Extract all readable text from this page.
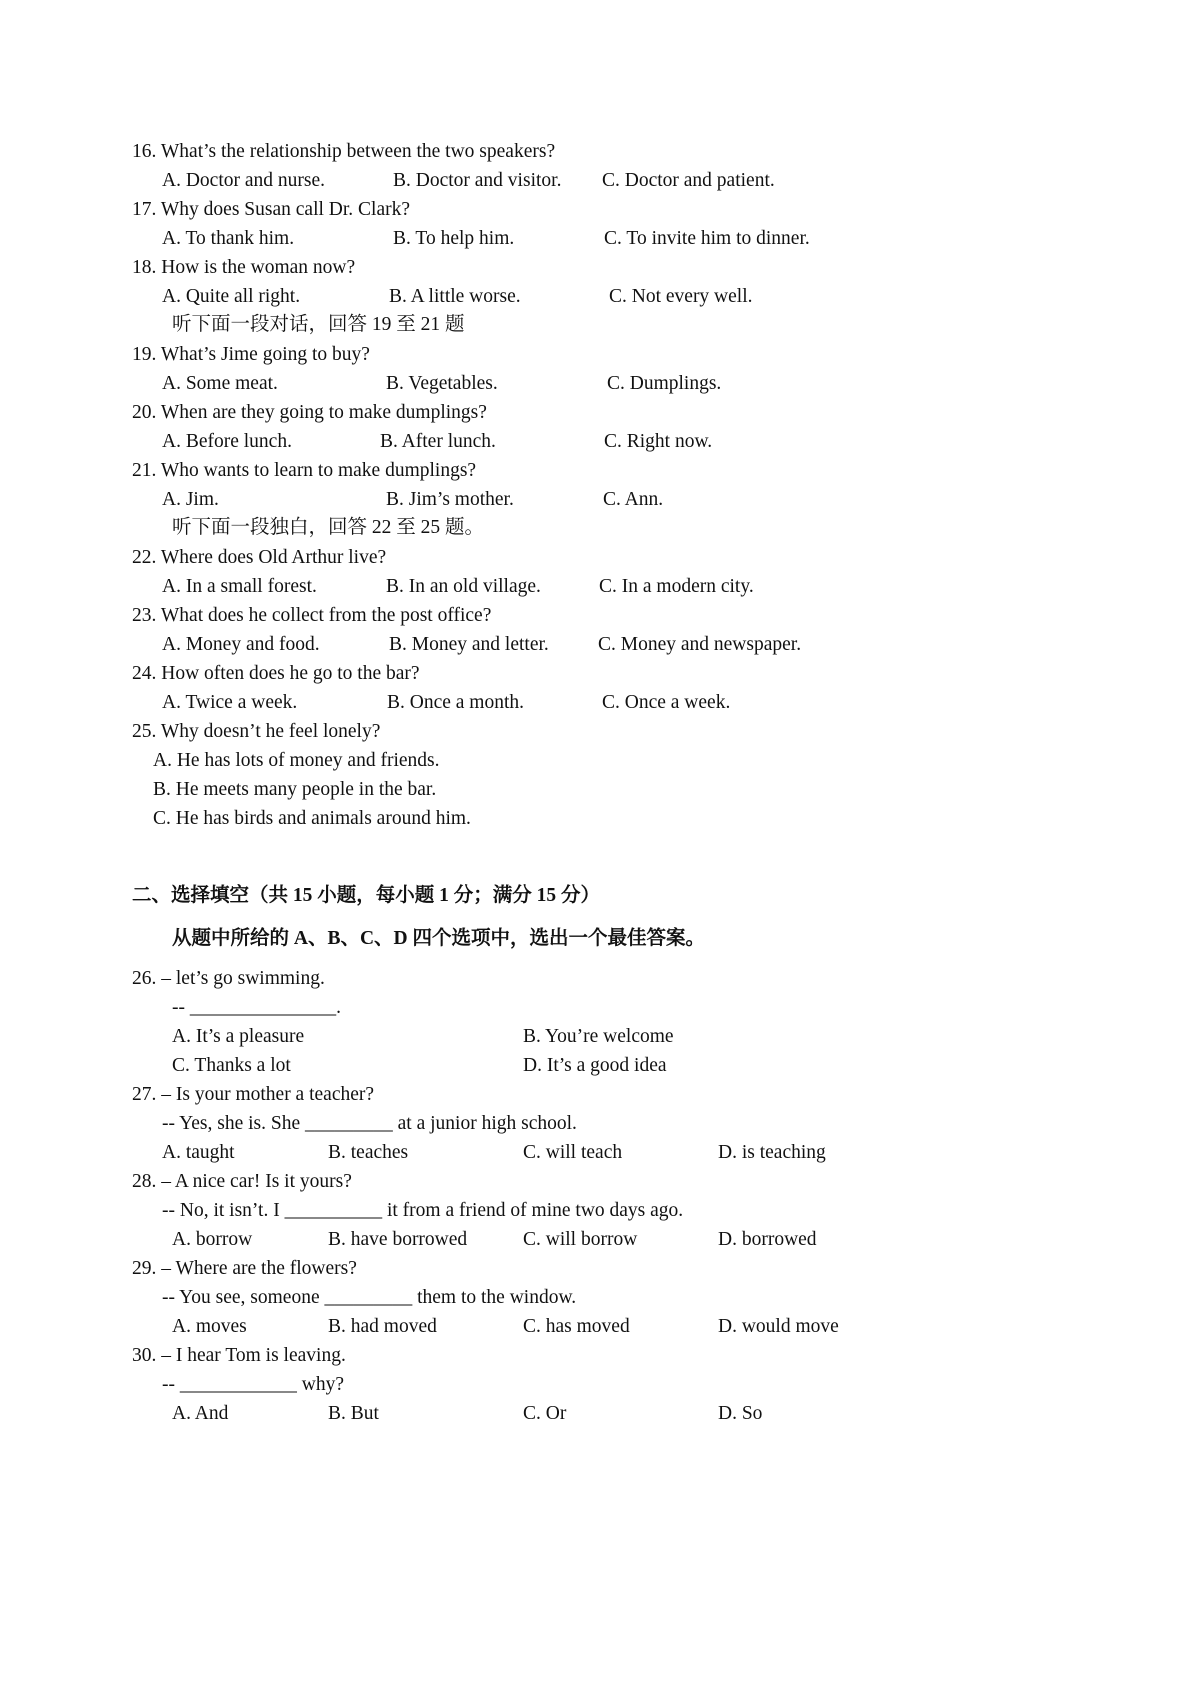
16. What’s the relationship between the two speakers?
A. Doctor and nurse.	B. Doctor and visitor. C. Doctor and patient.
17. Why does Susan call Dr. Clark?
A. To thank him.	B. To help him.	C. To invite him to dinner.
18. How is the woman now?
A. Quite all right.	B. A little worse.	C. Not every well.
听下面一段对话，回答 19 至 21 题
19. What’s Jime going to buy?
A. Some meat.	B. Vegetables.	C. Dumplings.
20. When are they going to make dumplings?
A. Before lunch.	B. After lunch.	C. Right now.
21. Who wants to learn to make dumplings?
A. Jim.	B. Jim’s mother.	C. Ann.
听下面一段独白，回答 22 至 25 题。
22. Where does Old Arthur live?
A. In a small forest.	B. In an old village.	C. In a modern city.
23. What does he collect from the post office?
A. Money and food.	B. Money and letter.	C. Money and newspaper.
24. How often does he go to the bar?
A. Twice a week.	B. Once a month.	C. Once a week.
25. Why doesn’t he feel lonely?
A. He has lots of money and friends.
B. He meets many people in the bar.
C. He has birds and animals around him.
二、选择填空（共 15 小题，每小题 1 分；满分 15 分）
从题中所给的 A、B、C、D 四个选项中，选出一个最佳答案。
26. – let’s go swimming.
-- _______________.
A. It’s a pleasure	B. You’re welcome
C. Thanks a lot	D. It’s a good idea
27. – Is your mother a teacher?
-- Yes, she is. She _________ at a junior high school.
A. taught	B. teaches	C. will teach	D. is teaching
28. – A nice car! Is it yours?
-- No, it isn’t. I __________ it from a friend of mine two days ago.
A. borrow	B. have borrowed	C. will borrow	D. borrowed
29. – Where are the flowers?
-- You see, someone _________ them to the window.
A. moves	B. had moved	C. has moved	D. would move
30. – I hear Tom is leaving.
-- ____________ why?
A. And	B. But	C. Or	D. So
